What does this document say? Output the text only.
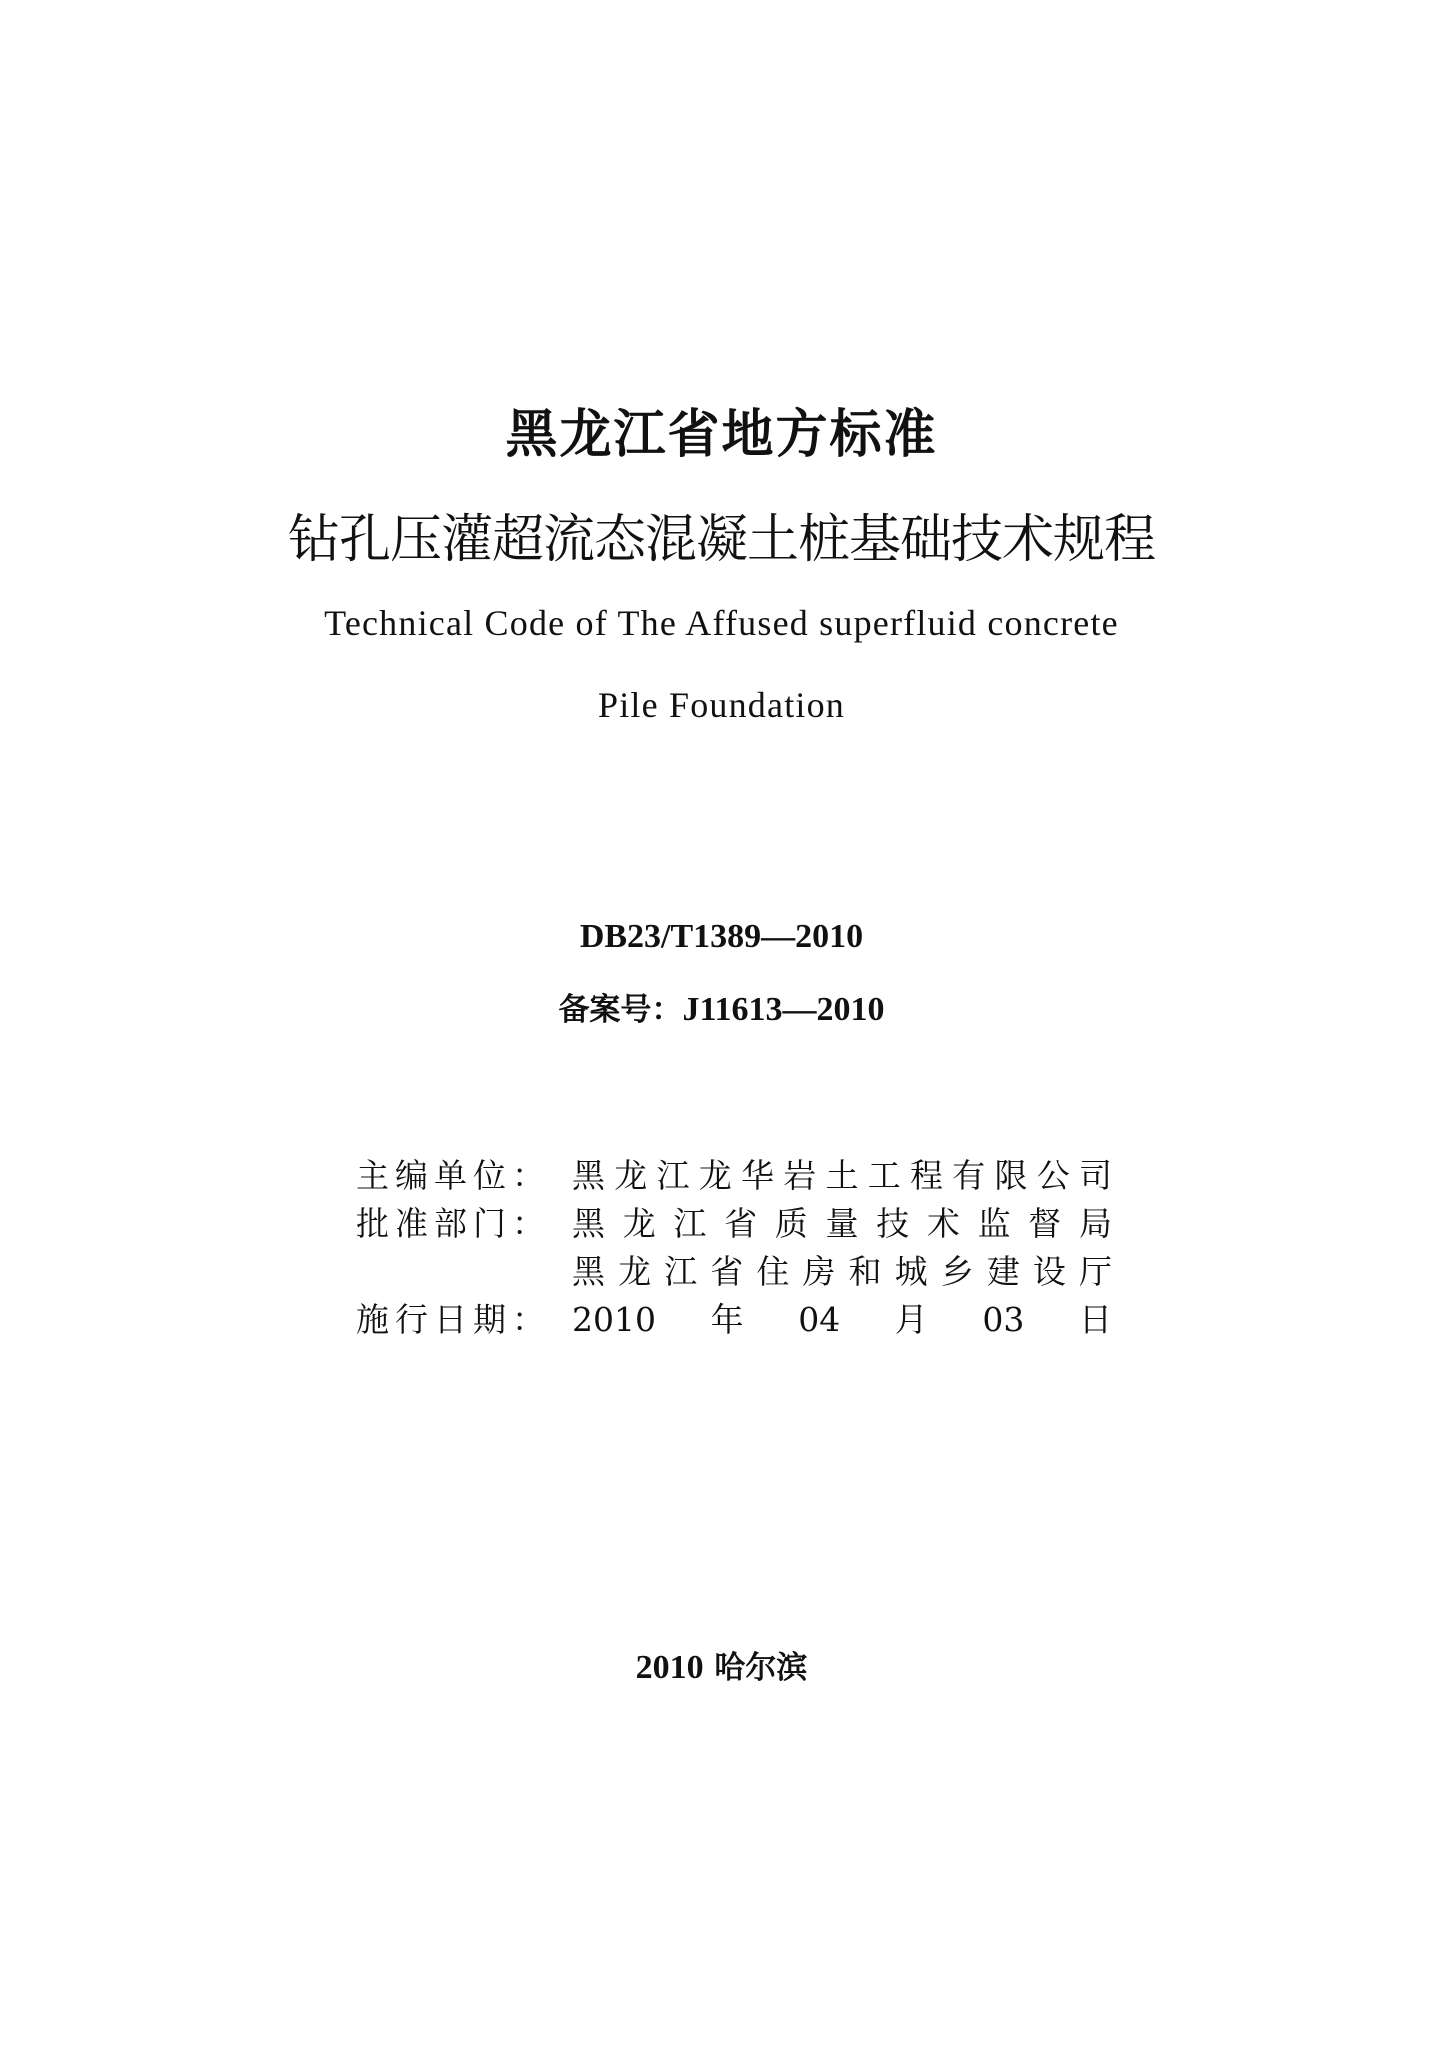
黑龙江省地方标准
钻孔压灌超流态混凝土桩基础技术规程
Technical Code of The Affused superfluid concrete
Pile Foundation
DB23/T1389—2010
备案号：J11613—2010
主编单位： 黑龙江龙华岩土工程有限公司
批准部门： 黑龙江省质量技术监督局
黑龙江省住房和城乡建设厅
施行日期： 2010年04月03日
2010 哈尔滨
